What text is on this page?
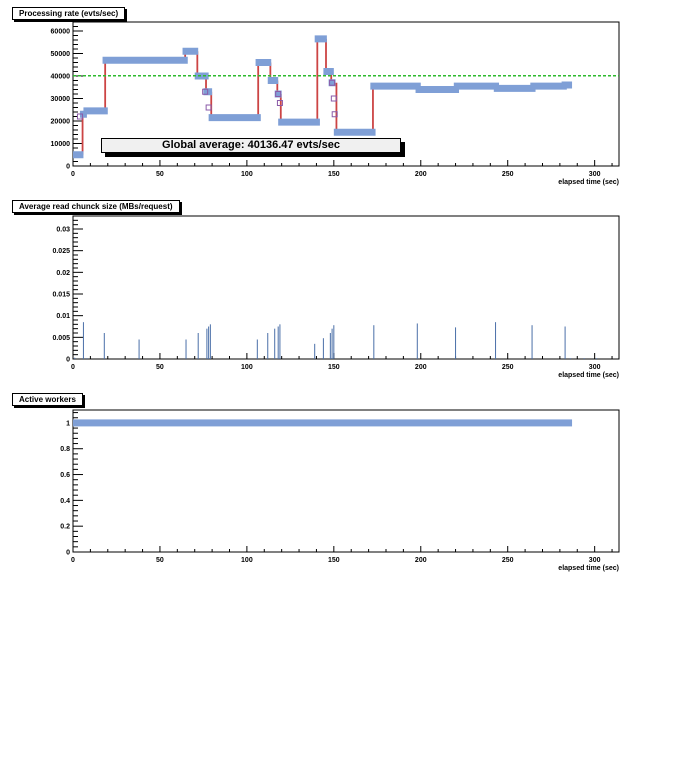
Processing rate (evts/sec)
Average read chunck size (MBs/request)
Active workers
0	50	100	150	200	250	300
elapsed time (sec)
0
10000
20000
30000
40000
50000
60000
0	50	100	150	200	250	300
elapsed time (sec)
0
0.005
0.01
0.015
0.02
0.025
0.03
0	50	100	150	200	250	300
elapsed time (sec)
0
0.2
0.4
0.6
0.8
1
Global average: 40136.47 evts/sec
